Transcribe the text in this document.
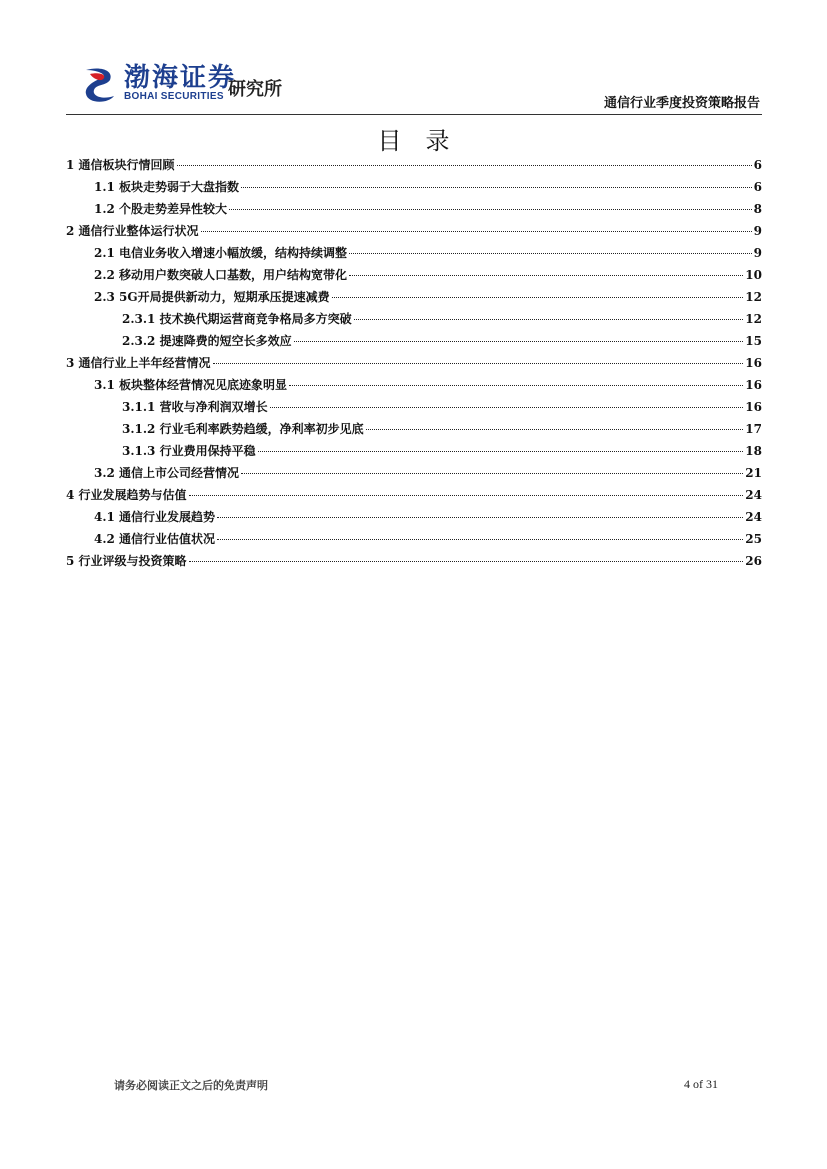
渤海证券
BOHAI SECURITIES 研究所
通信行业季度投资策略报告
目录
1 通信板块行情回顾	6
1.1 板块走势弱于大盘指数	6
1.2 个股走势差异性较大	8
2 通信行业整体运行状况	9
2.1 电信业务收入增速小幅放缓，结构持续调整	9
2.2 移动用户数突破人口基数，用户结构宽带化	10
2.3 5G开局提供新动力，短期承压提速减费	12
2.3.1 技术换代期运营商竞争格局多方突破	12
2.3.2 提速降费的短空长多效应	15
3 通信行业上半年经营情况	16
3.1 板块整体经营情况见底迹象明显	16
3.1.1 营收与净利润双增长	16
3.1.2 行业毛利率跌势趋缓，净利率初步见底	17
3.1.3 行业费用保持平稳	18
3.2 通信上市公司经营情况	21
4 行业发展趋势与估值	24
4.1 通信行业发展趋势	24
4.2 通信行业估值状况	25
5 行业评级与投资策略	26
请务必阅读正文之后的免责声明	4 of 31
